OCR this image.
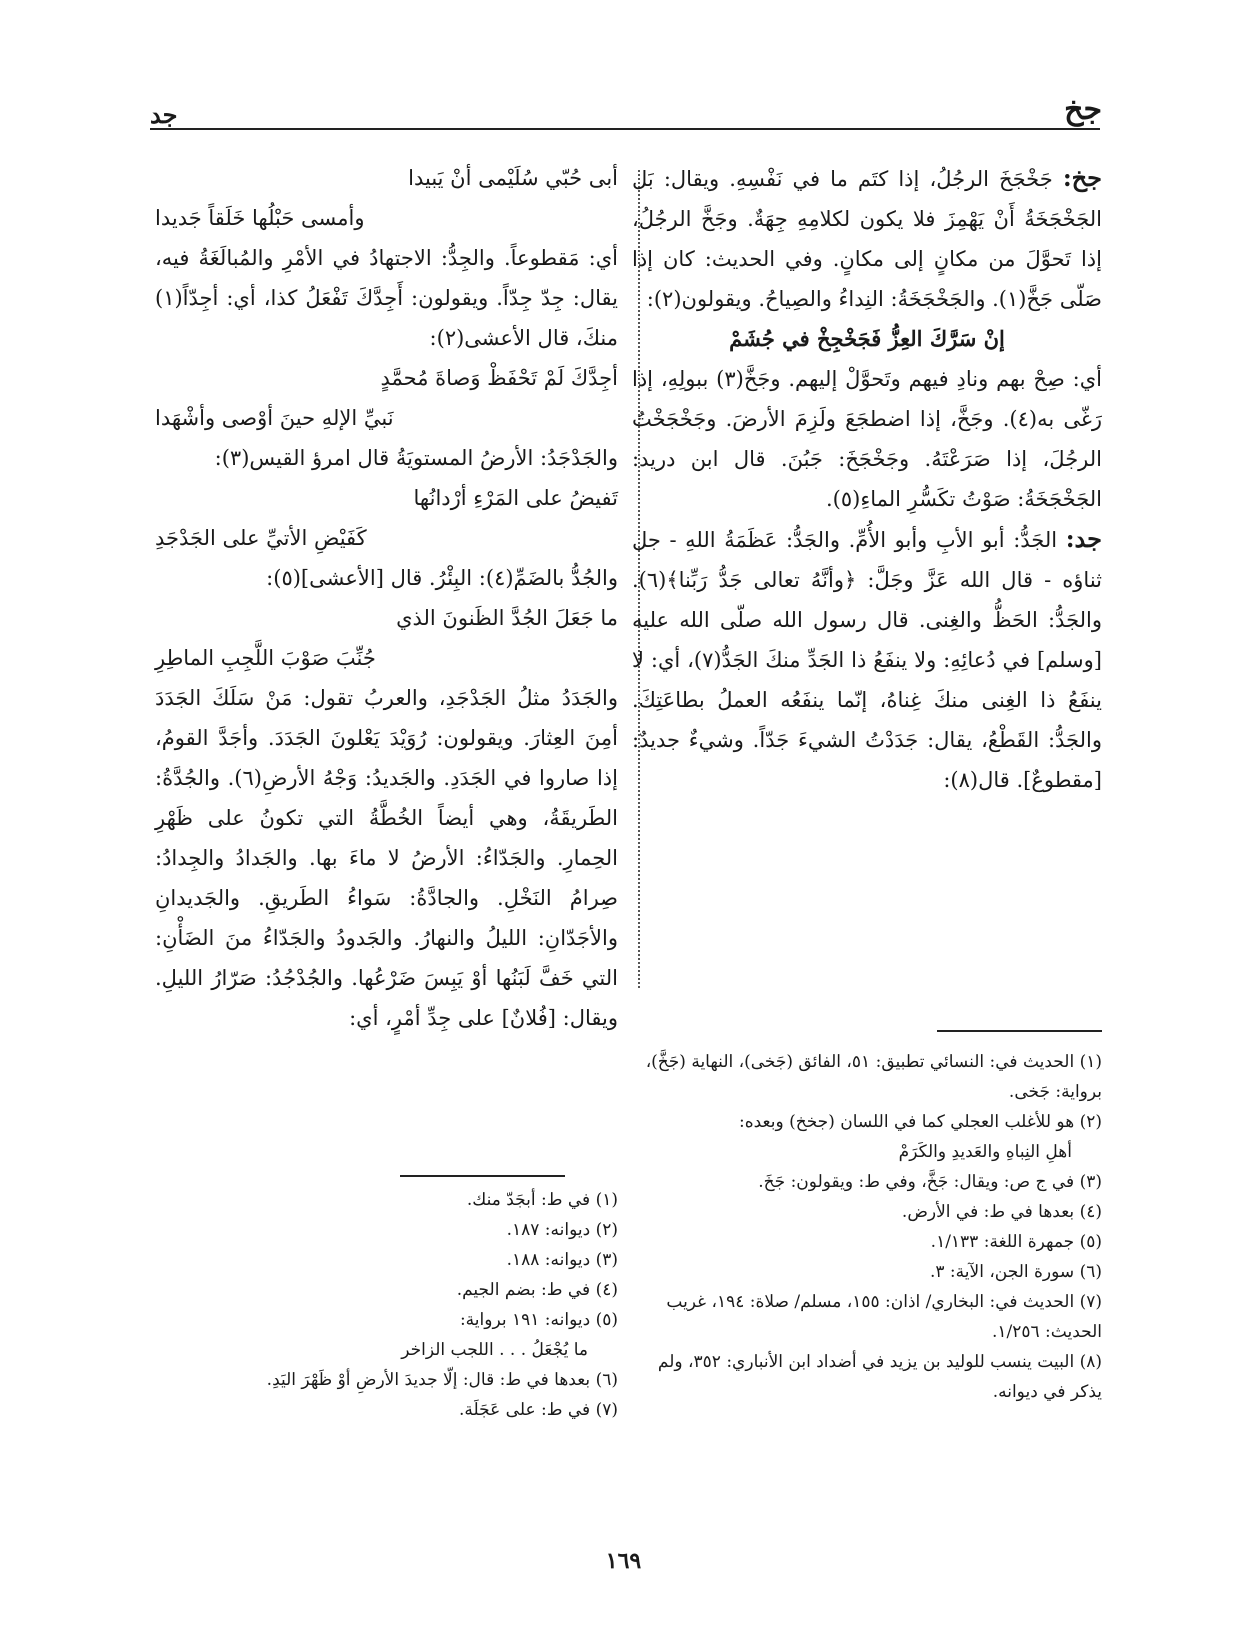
جخ
جد

جخ: جَخْجَخَ الرجُلُ، إذا كتَم ما في نَفْسِهِ. ويقال: بَل الجَخْجَخَةُ أَنْ يَهْمِزَ فلا يكون لكلامِهِ جِهَةٌ. وجَخَّ الرجُلُ، إذا تَحوَّلَ من مكانٍ إلى مكانٍ. وفي الحديث: كان إذا صَلّى جَخَّ(١). والجَخْجَخَةُ: النِداءُ والصِياحُ. ويقولون(٢):

إنْ سَرَّكَ العِزُّ فَجَخْجِخْ في جُشَمْ

أي: صِحْ بهم ونادِ فيهم وتَحوَّلْ إليهم. وجَخَّ(٣) ببولِهِ، إذا رَغّى به(٤). وجَخَّ، إذا اضطجَعَ ولَزِمَ الأرضَ. وجَخْجَخْتُ الرجُلَ، إذا صَرَعْتَهُ. وجَخْجَخَ: جَبُنَ. قال ابن دريد: الجَخْجَخَةُ: صَوْتُ تكَسُّرِ الماءِ(٥).

جد: الجَدُّ: أبو الأبِ وأبو الأُمِّ. والجَدُّ: عَظَمَةُ اللهِ - جل ثناؤه - قال الله عَزَّ وجَلَّ: ﴿وأنَّهُ تعالى جَدُّ رَبِّنا﴾(٦). والجَدُّ: الحَظُّ والغِنى. قال رسول الله صلّى الله عليه [وسلم] في دُعائِهِ: ولا ينفَعُ ذا الجَدِّ منكَ الجَدُّ(٧)، أي: لا ينفَعُ ذا الغِنى منكَ غِناهُ، إنّما ينفَعُه العملُ بطاعَتِكَ. والجَدُّ: القَطْعُ، يقال: جَدَدْتُ الشيءَ جَدّاً. وشيءٌ جديدٌ: [مقطوعٌ]. قال(٨):

أبى حُبّي سُلَيْمى أنْ يَبيدا
وأمسى حَبْلُها خَلَقاً جَديدا

أي: مَقطوعاً. والجِدُّ: الاجتهادُ في الأمْرِ والمُبالَغَةُ فيه، يقال: جِدّ جِدّاً. ويقولون: أَجِدَّكَ تَفْعَلُ كذا، أي: أجِدّاً(١) منكَ، قال الأعشى(٢):

أجِدَّكَ لَمْ تَحْفَظْ وَصاةَ مُحمَّدٍ
نَبيِّ الإلهِ حينَ أوْصى وأشْهَدا

والجَدْجَدُ: الأرضُ المستويَةُ قال امرؤ القيس(٣):

تَفيضُ على المَرْءِ أرْدانُها
كَفَيْضِ الأتيِّ على الجَدْجَدِ

والجُدُّ بالضَمِّ(٤): البِئْرُ. قال [الأعشى](٥):

ما جَعَلَ الجُدَّ الظَنونَ الذي
جُنِّبَ صَوْبَ اللَّجِبِ الماطِرِ

والجَدَدُ مثلُ الجَدْجَدِ، والعربُ تقول: مَنْ سَلَكَ الجَدَدَ أمِنَ العِثارَ. ويقولون: رُوَيْدَ يَعْلونَ الجَدَدَ. وأجَدَّ القومُ، إذا صاروا في الجَدَدِ. والجَديدُ: وَجْهُ الأرضِ(٦). والجُدَّةُ: الطَريقَةُ، وهي أيضاً الخُطَّةُ التي تكونُ على ظَهْرِ الحِمارِ. والجَدّاءُ: الأرضُ لا ماءَ بها. والجَدادُ والجِدادُ: صِرامُ النَخْلِ. والجادَّةُ: سَواءُ الطَريقِ. والجَديدانِ والأجَدّانِ: الليلُ والنهارُ. والجَدودُ والجَدّاءُ منَ الضَأْنِ: التي خَفَّ لَبَنُها أوْ يَبِسَ ضَرْعُها. والجُدْجُدُ: صَرّارُ الليلِ. ويقال: [فُلانٌ] على جِدِّ أمْرٍ، أي:

(١) الحديث في: النسائي تطبيق: ٥١، الفائق (جَخى)، النهاية (جَخَّ)، برواية: جَخى.

(٢) هو للأغلب العجلي كما في اللسان (جخخ) وبعده:
أهلِ النِباهِ والعَديدِ والكَرَمْ

(٣) في ج ص: ويقال: جَخَّ، وفي ط: ويقولون: جَخَ.

(٤) بعدها في ط: في الأرض.

(٥) جمهرة اللغة: ١/١٣٣.

(٦) سورة الجن، الآية: ٣.

(٧) الحديث في: البخاري/ اذان: ١٥٥، مسلم/ صلاة: ١٩٤، غريب الحديث: ١/٢٥٦.

(٨) البيت ينسب للوليد بن يزيد في أضداد ابن الأنباري: ٣٥٢، ولم يذكر في ديوانه.

(١) في ط: أبجَدّ منك.

(٢) ديوانه: ١٨٧.

(٣) ديوانه: ١٨٨.

(٤) في ط: بضم الجيم.

(٥) ديوانه: ١٩١ برواية:
ما يُجْعَلُ . . . اللجب الزاخر

(٦) بعدها في ط: قال: إلّا جديدَ الأرضِ أوْ ظَهْرَ اليَدِ.

(٧) في ط: على عَجَلَة.

١٦٩
